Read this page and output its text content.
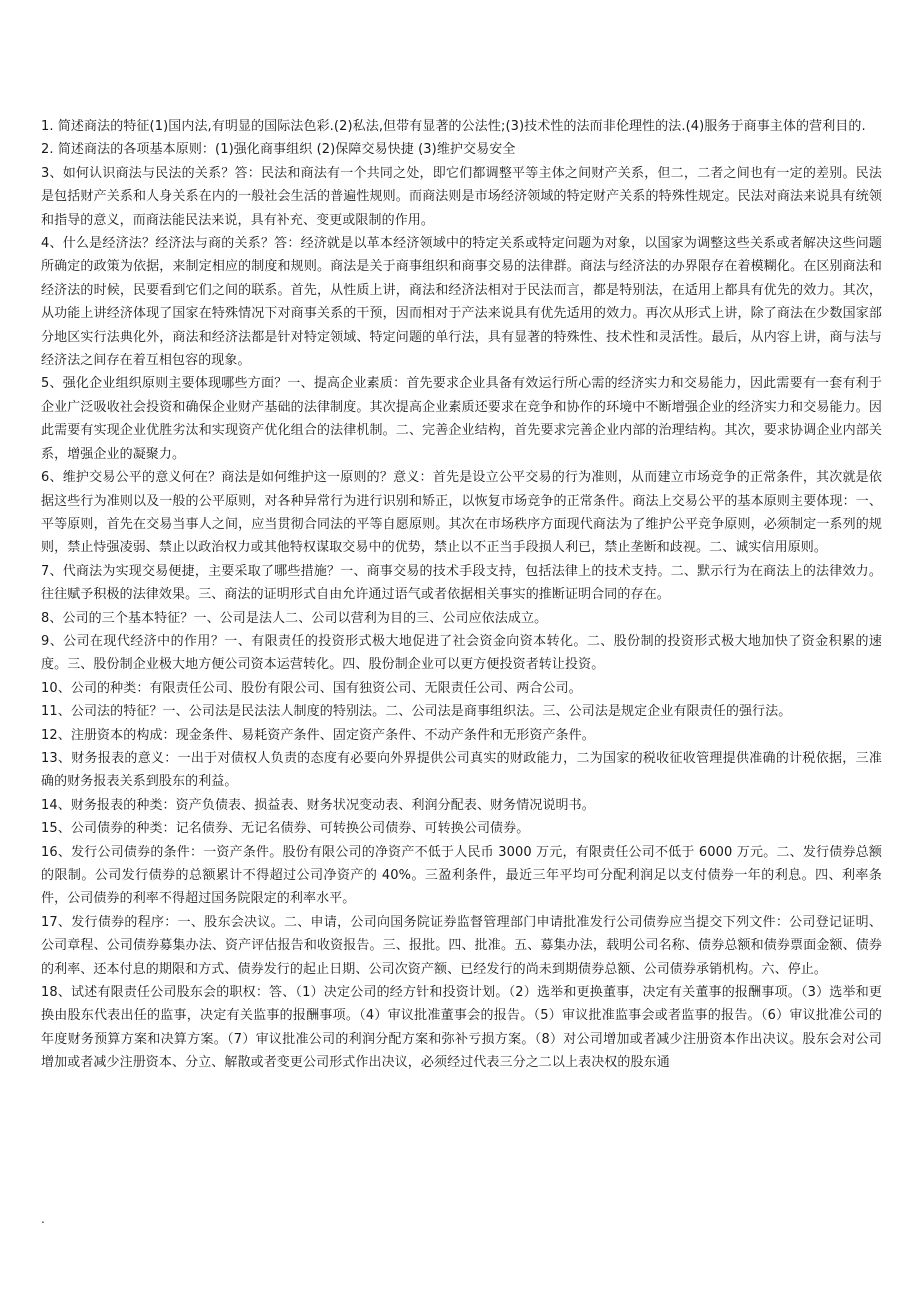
1. 简述商法的特征(1)国内法,有明显的国际法色彩.(2)私法,但带有显著的公法性;(3)技术性的法而非伦理性的法.(4)服务于商事主体的营利目的.

2. 简述商法的各项基本原则：(1)强化商事组织 (2)保障交易快捷 (3)维护交易安全

3、如何认识商法与民法的关系？答：民法和商法有一个共同之处，即它们都调整平等主体之间财产关系，但二，二者之间也有一定的差别。民法是包括财产关系和人身关系在内的一般社会生活的普遍性规则。而商法则是市场经济领域的特定财产关系的特殊性规定。民法对商法来说具有统领和指导的意义，而商法能民法来说，具有补充、变更或限制的作用。

4、什么是经济法？经济法与商的关系？答：经济就是以革本经济领域中的特定关系或特定问题为对象，以国家为调整这些关系或者解决这些问题所确定的政策为依据，来制定相应的制度和规则。商法是关于商事组织和商事交易的法律群。商法与经济法的办界限存在着模糊化。在区别商法和经济法的时候，民要看到它们之间的联系。首先，从性质上讲，商法和经济法相对于民法而言，都是特别法，在适用上都具有优先的效力。其次，从功能上讲经济体现了国家在特殊情况下对商事关系的干预，因而相对于产法来说具有优先适用的效力。再次从形式上讲，除了商法在少数国家部分地区实行法典化外，商法和经济法都是针对特定领域、特定问题的单行法，具有显著的特殊性、技术性和灵活性。最后，从内容上讲，商与法与经济法之间存在着互相包容的现象。

5、强化企业组织原则主要体现哪些方面？一、提高企业素质：首先要求企业具备有效运行所心需的经济实力和交易能力，因此需要有一套有利于企业广泛吸收社会投资和确保企业财产基础的法律制度。其次提高企业素质还要求在竞争和协作的环境中不断增强企业的经济实力和交易能力。因此需要有实现企业优胜劣汰和实现资产优化组合的法律机制。二、完善企业结构，首先要求完善企业内部的治理结构。其次，要求协调企业内部关系，增强企业的凝聚力。

6、维护交易公平的意义何在？商法是如何维护这一原则的？意义：首先是设立公平交易的行为准则，从而建立市场竞争的正常条件，其次就是依据这些行为准则以及一般的公平原则，对各种异常行为进行识别和矫正，以恢复市场竞争的正常条件。商法上交易公平的基本原则主要体现：一、平等原则，首先在交易当事人之间，应当贯彻合同法的平等自愿原则。其次在市场秩序方面现代商法为了维护公平竞争原则，必须制定一系列的规则，禁止恃强凌弱、禁止以政治权力或其他特权谋取交易中的优势，禁止以不正当手段损人利已，禁止垄断和歧视。二、诚实信用原则。

7、代商法为实现交易便捷，主要采取了哪些措施？一、商事交易的技术手段支持，包括法律上的技术支持。二、默示行为在商法上的法律效力。往往赋予积极的法律效果。三、商法的证明形式自由允许通过语气或者依据相关事实的推断证明合同的存在。

8、公司的三个基本特征？一、公司是法人二、公司以营利为目的三、公司应依法成立。

9、公司在现代经济中的作用？一、有限责任的投资形式极大地促进了社会资金向资本转化。二、股份制的投资形式极大地加快了资金积累的速度。三、股份制企业极大地方便公司资本运营转化。四、股份制企业可以更方便投资者转让投资。

10、公司的种类：有限责任公司、股份有限公司、国有独资公司、无限责任公司、两合公司。

11、公司法的特征？一、公司法是民法法人制度的特别法。二、公司法是商事组织法。三、公司法是规定企业有限责任的强行法。

12、注册资本的构成：现金条件、易耗资产条件、固定资产条件、不动产条件和无形资产条件。

13、财务报表的意义：一出于对债权人负责的态度有必要向外界提供公司真实的财政能力，二为国家的税收征收管理提供准确的计税依据，三准确的财务报表关系到股东的利益。

14、财务报表的种类：资产负债表、损益表、财务状况变动表、利润分配表、财务情况说明书。

15、公司债券的种类：记名债券、无记名债券、可转换公司债券、可转换公司债券。

16、发行公司债券的条件：一资产条件。股份有限公司的净资产不低于人民币 3000 万元，有限责任公司不低于 6000 万元。二、发行债券总额的限制。公司发行债券的总额累计不得超过公司净资产的 40%。三盈利条件，最近三年平均可分配利润足以支付债券一年的利息。四、利率条件，公司债券的利率不得超过国务院限定的利率水平。

17、发行债券的程序：一、股东会决议。二、申请，公司向国务院证券监督管理部门申请批准发行公司债券应当提交下列文件：公司登记证明、公司章程、公司债券募集办法、资产评估报告和收资报告。三、报批。四、批准。五、募集办法，载明公司名称、债券总额和债券票面金额、债券的利率、还本付息的期限和方式、债券发行的起止日期、公司次资产额、已经发行的尚未到期债券总额、公司债券承销机构。六、停止。

18、试述有限责任公司股东会的职权：答、（1）决定公司的经方针和投资计划。（2）选举和更换董事，决定有关董事的报酬事项。（3）选举和更换由股东代表出任的监事，决定有关监事的报酬事项。（4）审议批准董事会的报告。（5）审议批准监事会或者监事的报告。（6）审议批准公司的年度财务预算方案和决算方案。（7）审议批准公司的利润分配方案和弥补亏损方案。（8）对公司增加或者减少注册资本作出决议。股东会对公司增加或者减少注册资本、分立、解散或者变更公司形式作出决议，必须经过代表三分之二以上表决权的股东通

.
